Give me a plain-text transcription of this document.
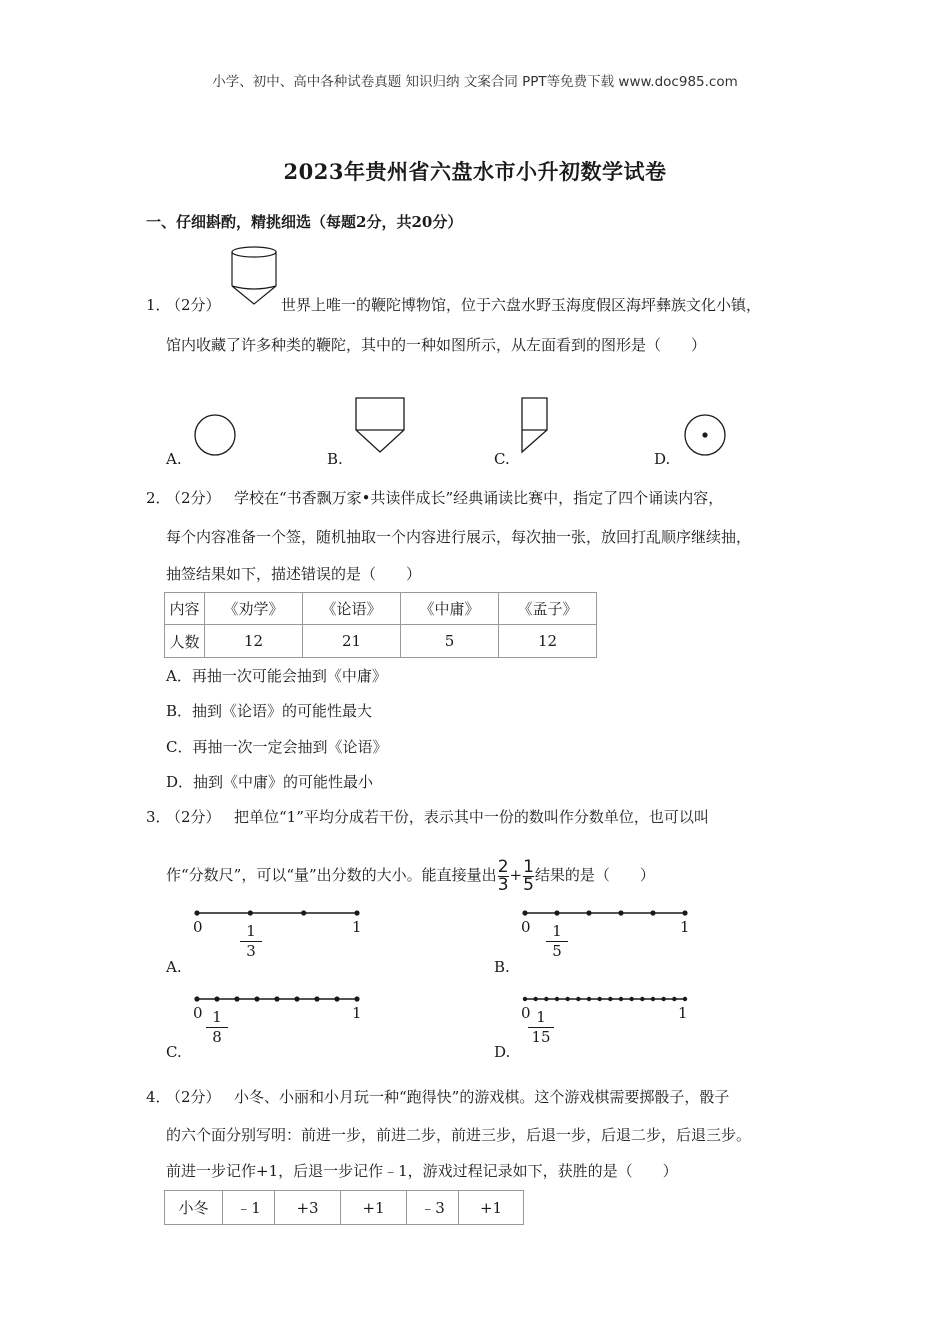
小学、初中、高中各种试卷真题 知识归纳 文案合同 PPT等免费下载 www.doc985.com
2023年贵州省六盘水市小升初数学试卷
一、仔细斟酌，精挑细选（每题2分，共20分）
1．
（2分）	世界上唯一的鞭陀博物馆，位于六盘水野玉海度假区海坪彝族文化小镇，
馆内收藏了许多种类的鞭陀，其中的一种如图所示，从左面看到的图形是（　　）
A.	B.	C.	D.
2．
（2分） 学校在“书香飘万家•共读伴成长”经典诵读比赛中，指定了四个诵读内容，
每个内容准备一个签，随机抽取一个内容进行展示，每次抽一张，放回打乱顺序继续抽，
抽签结果如下，描述错误的是（　　）
内容	《劝学》	《论语》	《中庸》	《孟子》
人数	12	21	5	12
A．再抽一次可能会抽到《中庸》
B．抽到《论语》的可能性最大
C．再抽一次一定会抽到《论语》
D．抽到《中庸》的可能性最小
3．
（2分） 把单位“1”平均分成若干份，表示其中一份的数叫作分数单位，也可以叫
作“分数尺”，可以“量”出分数的大小。能直接量出 $\frac{2}{3} + \frac{1}{5}$ 结果的是（　　）
0	1
$\frac{1}{3}$
A.
0	1
$\frac{1}{5}$
B.
0	1
$\frac{1}{8}$
C.
0	1
$\frac{1}{15}$
D.
4．
（2分） 小冬、小丽和小月玩一种“跑得快”的游戏棋。这个游戏棋需要掷骰子，骰子
的六个面分别写明：前进一步，前进二步，前进三步，后退一步，后退二步，后退三步。
前进一步记作+1，后退一步记作﹣1，游戏过程记录如下，获胜的是（　　）
小冬	﹣1	+3	+1	﹣3	+1
